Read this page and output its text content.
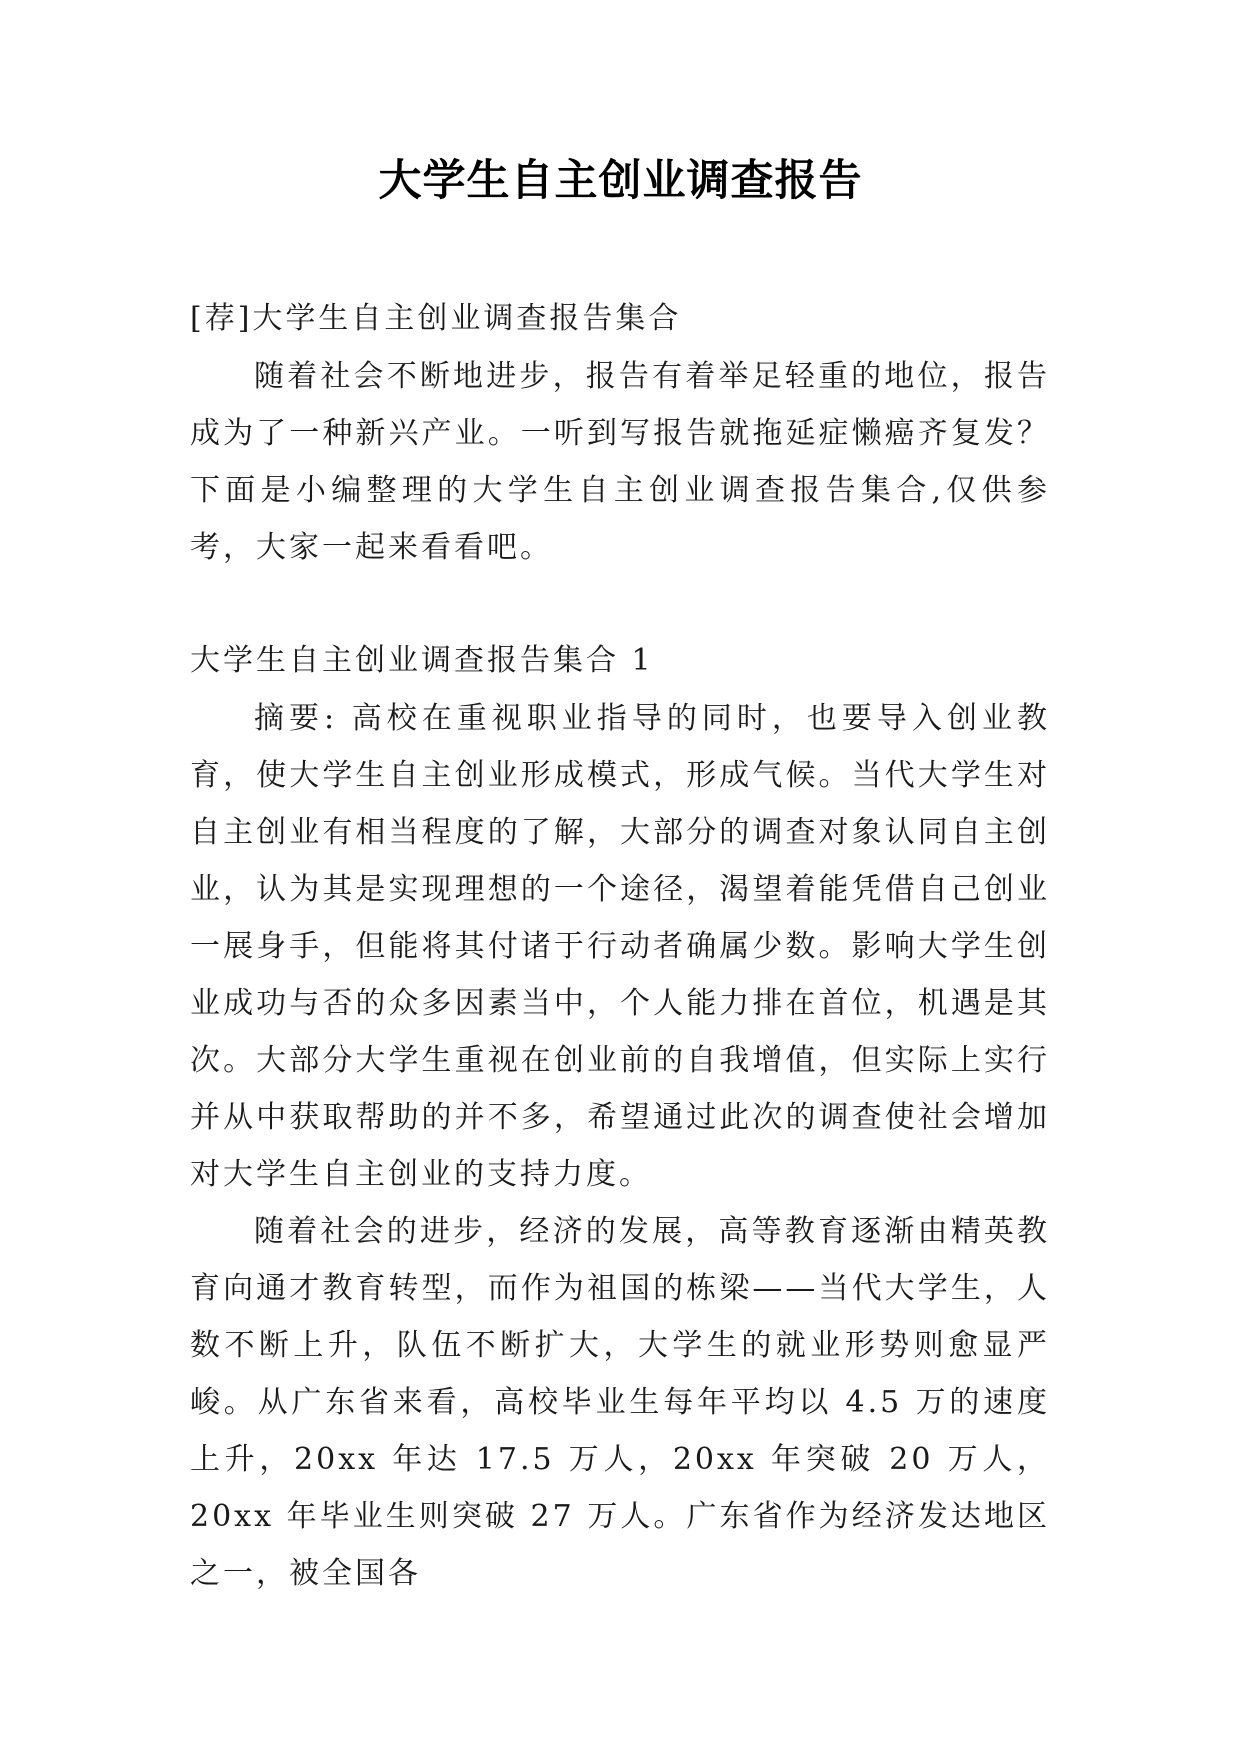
大学生自主创业调查报告

[荐]大学生自主创业调查报告集合

随着社会不断地进步，报告有着举足轻重的地位，报告成为了一种新兴产业。一听到写报告就拖延症懒癌齐复发？下面是小编整理的大学生自主创业调查报告集合,仅供参考，大家一起来看看吧。

大学生自主创业调查报告集合 1

摘要: 高校在重视职业指导的同时，也要导入创业教育，使大学生自主创业形成模式，形成气候。当代大学生对自主创业有相当程度的了解，大部分的调查对象认同自主创业，认为其是实现理想的一个途径，渴望着能凭借自己创业一展身手，但能将其付诸于行动者确属少数。影响大学生创业成功与否的众多因素当中，个人能力排在首位，机遇是其次。大部分大学生重视在创业前的自我增值，但实际上实行并从中获取帮助的并不多，希望通过此次的调查使社会增加对大学生自主创业的支持力度。

随着社会的进步，经济的发展，高等教育逐渐由精英教育向通才教育转型，而作为祖国的栋梁——当代大学生，人数不断上升，队伍不断扩大，大学生的就业形势则愈显严峻。从广东省来看，高校毕业生每年平均以 4.5 万的速度上升，20xx 年达 17.5 万人，20xx 年突破 20 万人，20xx 年毕业生则突破 27 万人。广东省作为经济发达地区之一，被全国各
